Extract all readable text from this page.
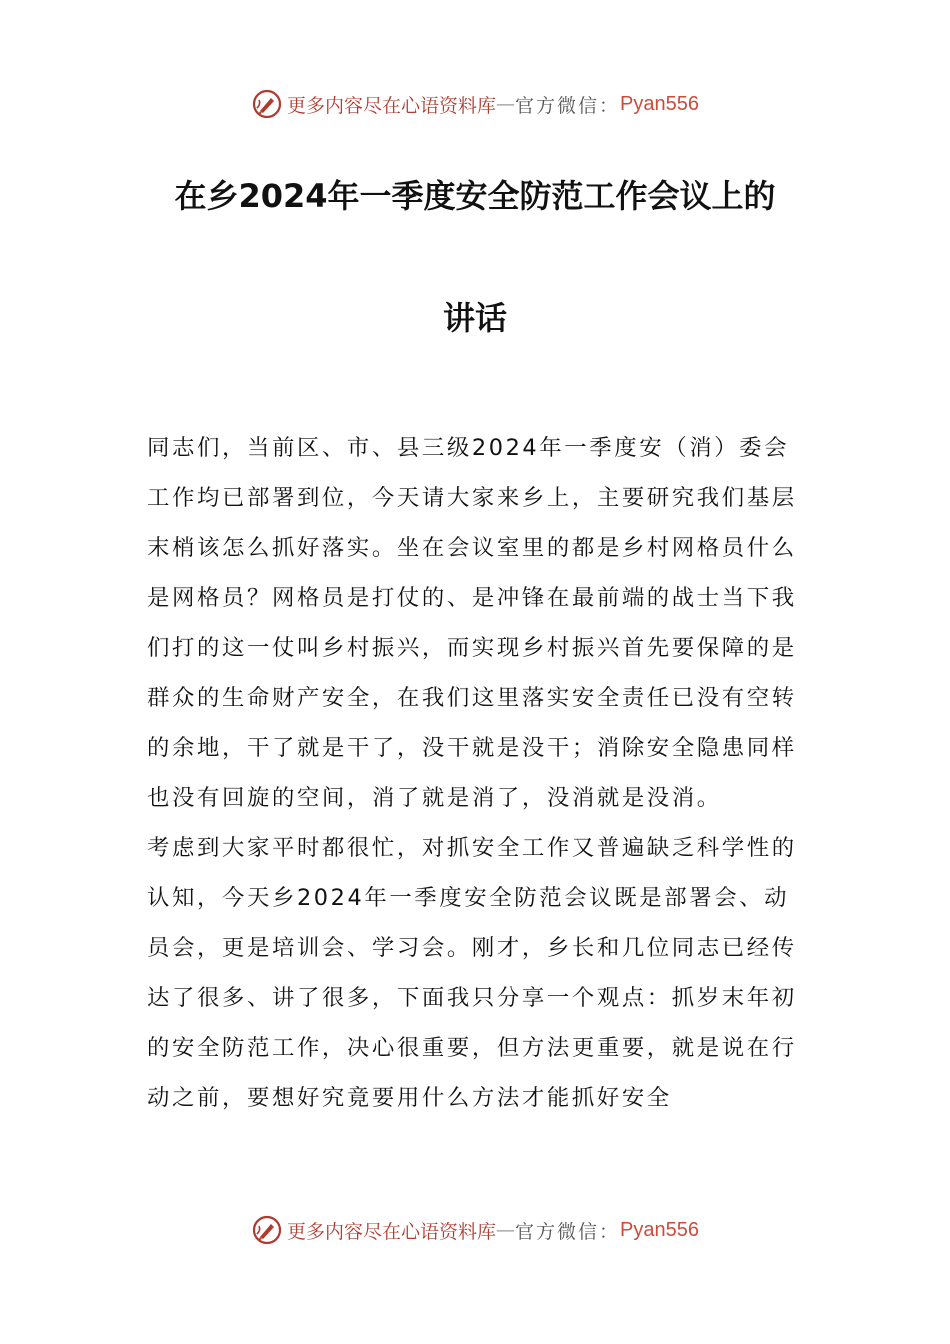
更多内容尽在心语资料库 — 官方微信： Pyan556
在乡2024年一季度安全防范工作会议上的
讲话

同志们，当前区、市、县三级2024年一季度安（消）委会工作均已部署到位，今天请大家来乡上，主要研究我们基层末梢该怎么抓好落实。坐在会议室里的都是乡村网格员什么是网格员？网格员是打仗的、是冲锋在最前端的战士当下我们打的这一仗叫乡村振兴，而实现乡村振兴首先要保障的是群众的生命财产安全，在我们这里落实安全责任已没有空转的余地，干了就是干了，没干就是没干；消除安全隐患同样也没有回旋的空间，消了就是消了，没消就是没消。

考虑到大家平时都很忙，对抓安全工作又普遍缺乏科学性的认知，今天乡2024年一季度安全防范会议既是部署会、动员会，更是培训会、学习会。刚才，乡长和几位同志已经传达了很多、讲了很多，下面我只分享一个观点：抓岁末年初的安全防范工作，决心很重要，但方法更重要，就是说在行动之前，要想好究竟要用什么方法才能抓好安全

更多内容尽在心语资料库 — 官方微信： Pyan556
